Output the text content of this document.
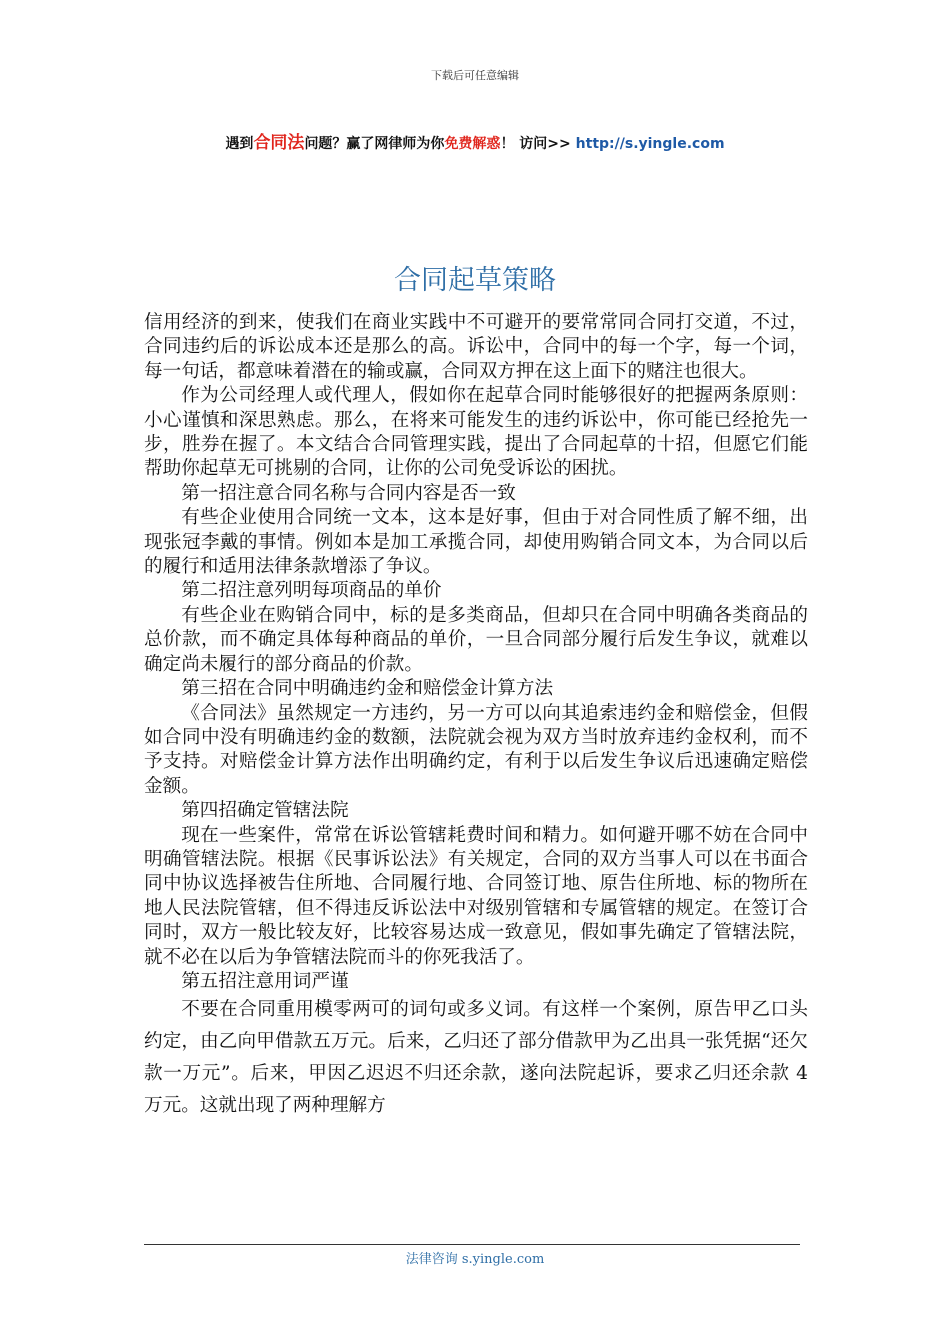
下载后可任意编辑
遇到合同法问题？赢了网律师为你免费解惑！ 访问>> http://s.yingle.com
合同起草策略

信用经济的到来，使我们在商业实践中不可避开的要常常同合同打交道，不过，合同违约后的诉讼成本还是那么的高。诉讼中，合同中的每一个字，每一个词，每一句话，都意味着潜在的输或赢，合同双方押在这上面下的赌注也很大。

作为公司经理人或代理人，假如你在起草合同时能够很好的把握两条原则：小心谨慎和深思熟虑。那么，在将来可能发生的违约诉讼中，你可能已经抢先一步，胜券在握了。本文结合合同管理实践，提出了合同起草的十招，但愿它们能帮助你起草无可挑剔的合同，让你的公司免受诉讼的困扰。

第一招注意合同名称与合同内容是否一致

有些企业使用合同统一文本，这本是好事，但由于对合同性质了解不细，出现张冠李戴的事情。例如本是加工承揽合同，却使用购销合同文本，为合同以后的履行和适用法律条款增添了争议。

第二招注意列明每项商品的单价

有些企业在购销合同中，标的是多类商品，但却只在合同中明确各类商品的总价款，而不确定具体每种商品的单价，一旦合同部分履行后发生争议，就难以确定尚未履行的部分商品的价款。

第三招在合同中明确违约金和赔偿金计算方法

《合同法》虽然规定一方违约，另一方可以向其追索违约金和赔偿金，但假如合同中没有明确违约金的数额，法院就会视为双方当时放弃违约金权利，而不予支持。对赔偿金计算方法作出明确约定，有利于以后发生争议后迅速确定赔偿金额。

第四招确定管辖法院

现在一些案件，常常在诉讼管辖耗费时间和精力。如何避开哪不妨在合同中明确管辖法院。根据《民事诉讼法》有关规定，合同的双方当事人可以在书面合同中协议选择被告住所地、合同履行地、合同签订地、原告住所地、标的物所在地人民法院管辖，但不得违反诉讼法中对级别管辖和专属管辖的规定。在签订合同时，双方一般比较友好，比较容易达成一致意见，假如事先确定了管辖法院，就不必在以后为争管辖法院而斗的你死我活了。

第五招注意用词严谨

不要在合同重用模零两可的词句或多义词。有这样一个案例，原告甲乙口头约定，由乙向甲借款五万元。后来，乙归还了部分借款甲为乙出具一张凭据“还欠款一万元”。后来，甲因乙迟迟不归还余款，遂向法院起诉，要求乙归还余款 4 万元。这就出现了两种理解方

法律咨询 s.yingle.com
